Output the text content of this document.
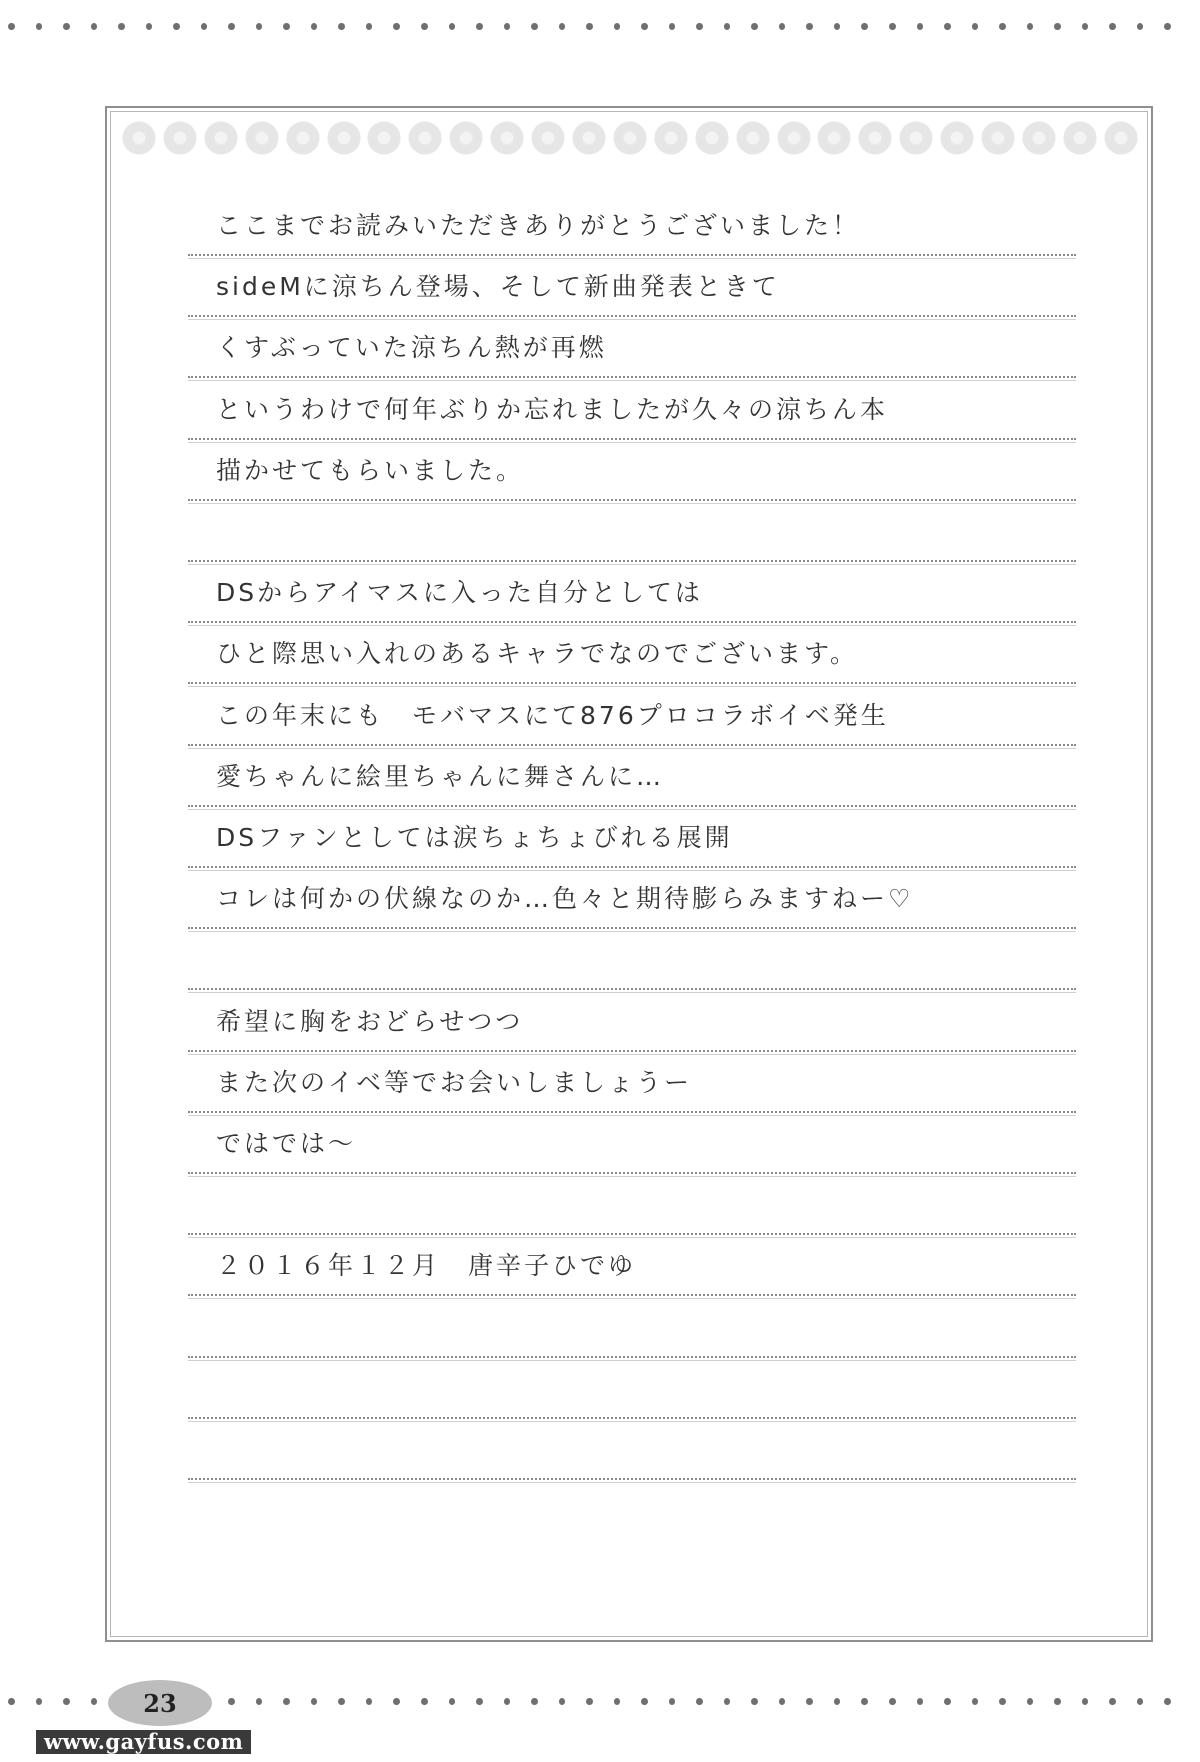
ここまでお読みいただきありがとうございました！
sideMに涼ちん登場、そして新曲発表ときて
くすぶっていた涼ちん熱が再燃
というわけで何年ぶりか忘れましたが久々の涼ちん本
描かせてもらいました。
DSからアイマスに入った自分としては
ひと際思い入れのあるキャラでなのでございます。
この年末にも　モバマスにて876プロコラボイベ発生
愛ちゃんに絵里ちゃんに舞さんに…
DSファンとしては涙ちょちょびれる展開
コレは何かの伏線なのか…色々と期待膨らみますねー♡
希望に胸をおどらせつつ
また次のイベ等でお会いしましょうー
ではでは～
２０１６年１２月　唐辛子ひでゆ
23
www.gayfus.com
